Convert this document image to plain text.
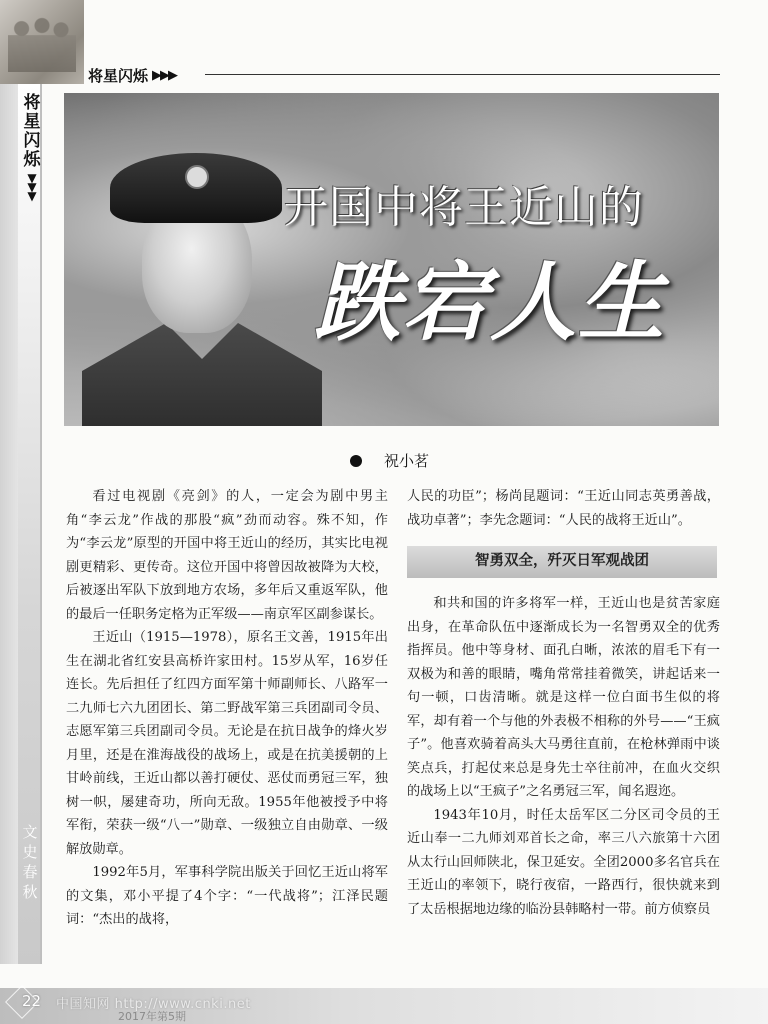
将星闪烁 ▶▶▶
将星闪烁
▼▼▼
文史春秋
开国中将王近山的
跌宕人生
祝小茗

看过电视剧《亮剑》的人，一定会为剧中男主角“李云龙”作战的那股“疯”劲而动容。殊不知，作为“李云龙”原型的开国中将王近山的经历，其实比电视剧更精彩、更传奇。这位开国中将曾因故被降为大校，后被逐出军队下放到地方农场，多年后又重返军队，他的最后一任职务定格为正军级——南京军区副参谋长。

王近山（1915—1978），原名王文善，1915年出生在湖北省红安县高桥许家田村。15岁从军，16岁任连长。先后担任了红四方面军第十师副师长、八路军一二九师七六九团团长、第二野战军第三兵团副司令员、志愿军第三兵团副司令员。无论是在抗日战争的烽火岁月里，还是在淮海战役的战场上，或是在抗美援朝的上甘岭前线，王近山都以善打硬仗、恶仗而勇冠三军，独树一帜，屡建奇功，所向无敌。1955年他被授予中将军衔，荣获一级“八一”勋章、一级独立自由勋章、一级解放勋章。

1992年5月，军事科学院出版关于回忆王近山将军的文集，邓小平提了4个字：“一代战将”；江泽民题词：“杰出的战将，

人民的功臣”；杨尚昆题词：“王近山同志英勇善战，战功卓著”；李先念题词：“人民的战将王近山”。

智勇双全，歼灭日军观战团

和共和国的许多将军一样，王近山也是贫苦家庭出身，在革命队伍中逐渐成长为一名智勇双全的优秀指挥员。他中等身材、面孔白晰，浓浓的眉毛下有一双极为和善的眼睛，嘴角常常挂着微笑，讲起话来一句一顿，口齿清晰。就是这样一位白面书生似的将军，却有着一个与他的外表极不相称的外号——“王疯子”。他喜欢骑着高头大马勇往直前，在枪林弹雨中谈笑点兵，打起仗来总是身先士卒往前冲，在血火交织的战场上以“王疯子”之名勇冠三军，闻名遐迩。

1943年10月，时任太岳军区二分区司令员的王近山奉一二九师刘邓首长之命，率三八六旅第十六团从太行山回师陕北，保卫延安。全团2000多名官兵在王近山的率领下，晓行夜宿，一路西行，很快就来到了太岳根据地边缘的临汾县韩略村一带。前方侦察员

22 中国知网 http://www.cnki.net
2017年第5期
